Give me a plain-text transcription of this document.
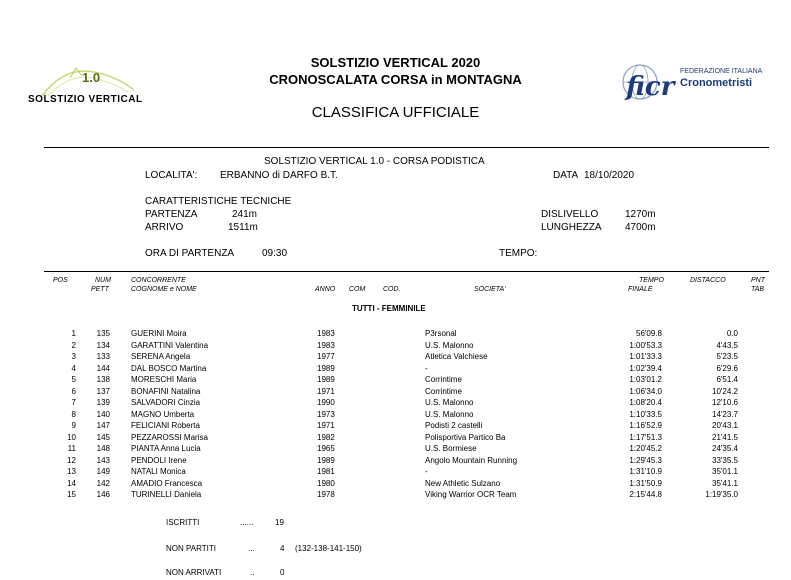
1.0
SOLSTIZIO VERTICAL	ficr
FEDERAZIONE ITALIANA
Cronometristi
SOLSTIZIO VERTICAL 2020
CRONOSCALATA CORSA in MONTAGNA
CLASSIFICA UFFICIALE
SOLSTIZIO VERTICAL 1.0 - CORSA PODISTICA
LOCALITA': ERBANNO di DARFO B.T.	DATA 18/10/2020
CARATTERISTICHE TECNICHE
PARTENZA	241m
ARRIVO	1511m
DISLIVELLO	1270m
LUNGHEZZA 4700m
ORA DI PARTENZA	09:30	TEMPO:
POS	NUM
PETT
CONCORRENTE
COGNOME e NOME	ANNO COM	COD.	SOCIETA'
TEMPO
FINALE
DISTACCO	PNT
TAB
TUTTI - FEMMINILE
1	135	GUERINI Moira	1983	P3rsonal	56'09.8	0.0
2	134	GARATTINI Valentina	1983	U.S. Malonno	1:00'53.3	4'43.5
3	133	SERENA Angela	1977	Atletica Valchiese	1:01'33.3	5'23.5
4	144	DAL BOSCO Martina	1989	-	1:02'39.4	6'29.6
5	138	MORESCHI Maria	1989	Corrintime	1:03'01.2	6'51.4
6	137	BONAFINI Natalina	1971	Corrintime	1:06'34.0	10'24.2
7	139	SALVADORI Cinzia	1990	U.S. Malonno	1:08'20.4	12'10.6
8	140	MAGNO Umberta	1973	U.S. Malonno	1:10'33.5	14'23.7
9	147	FELICIANI Roberta	1971	Podisti 2 castelli	1:16'52.9	20'43.1
10	145	PEZZAROSSI Marisa	1982	Polisportiva Partico Ba	1:17'51.3	21'41.5
11	148	PIANTA Anna Lucia	1965	U.S. Bormiese	1:20'45.2	24'35.4
12	143	PENDOLI Irene	1989	Angolo Mountain Running	1:29'45.3	33'35.5
13	149	NATALI Monica	1981	-	1:31'10.9	35'01.1
14	142	AMADIO Francesca	1980	New Athletic Sulzano	1:31'50.9	35'41.1
15	146	TURINELLI Daniela	1978	Viking Warrior OCR Team	2:15'44.8	1:19'35.0
ISCRITTI	......	19
NON PARTITI	...	4 (132-138-141-150)
NON ARRIVATI	..	0
